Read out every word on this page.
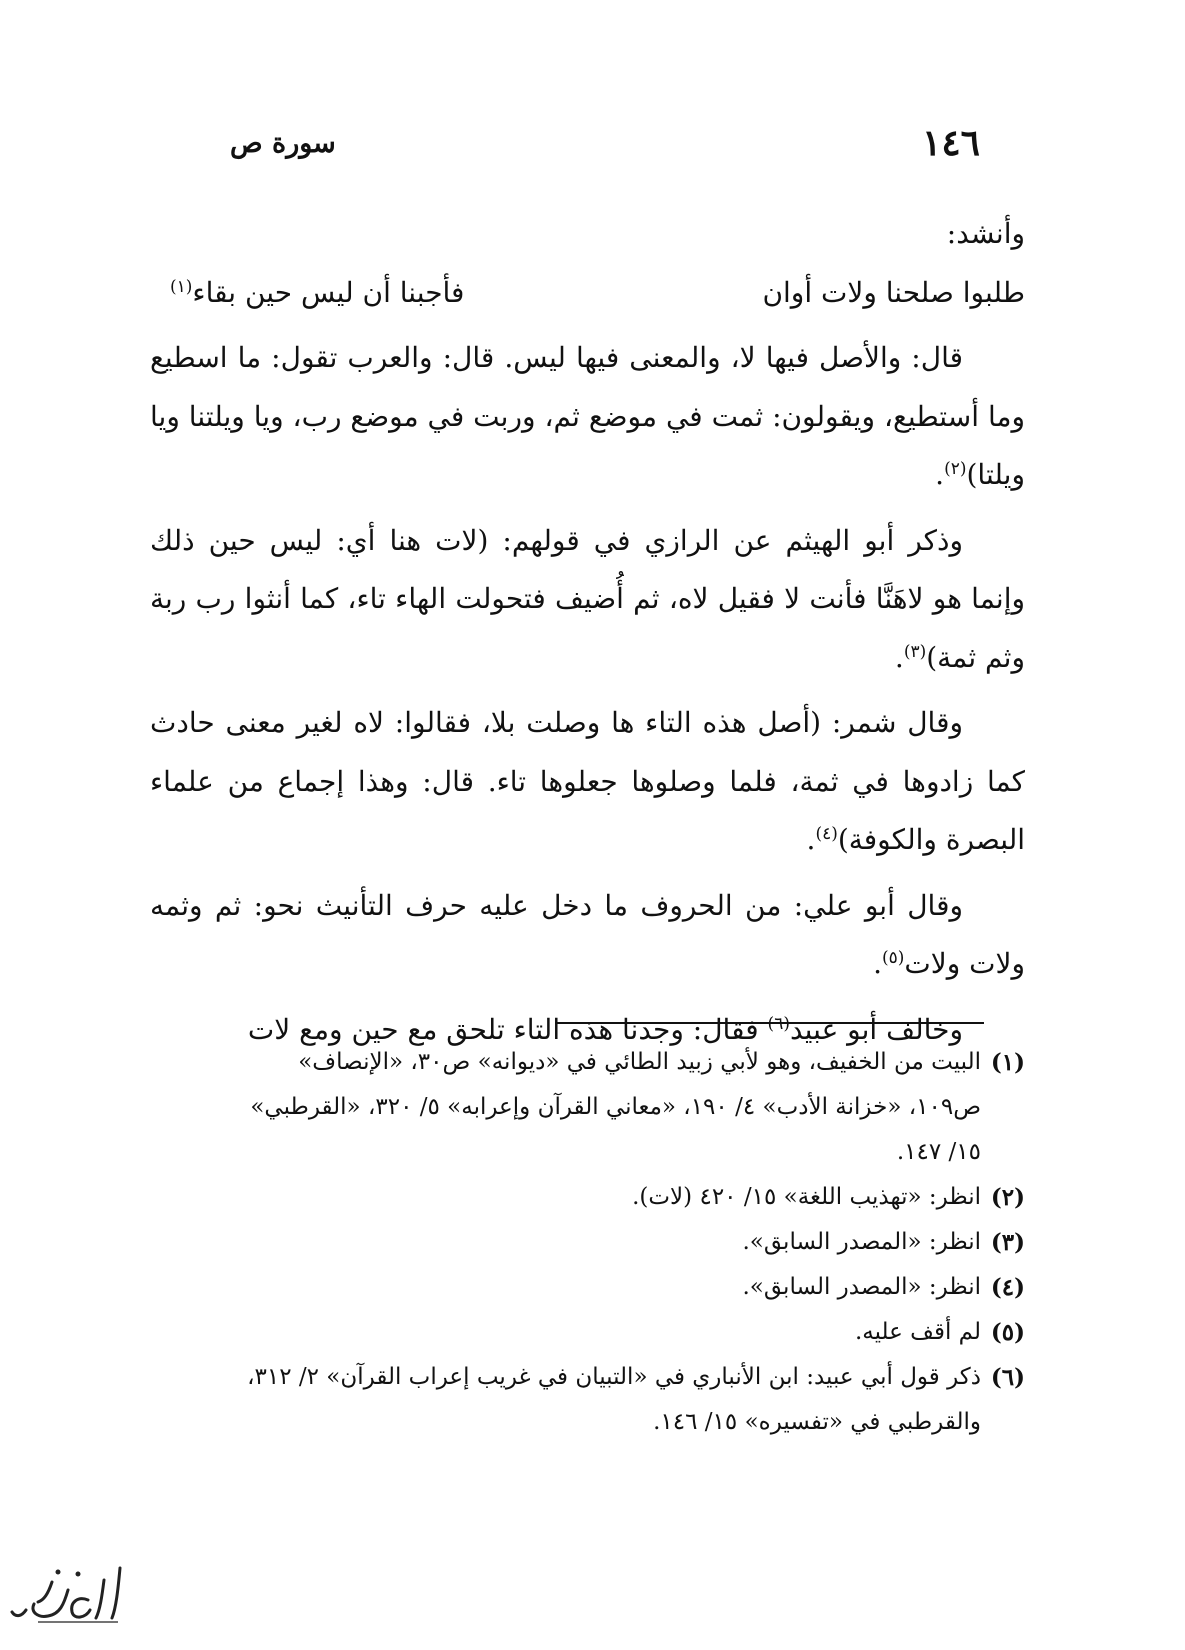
١٤٦
سورة ص

وأنشد:

طلبوا صلحنا ولات أوان
فأجبنا أن ليس حين بقاء$^{(١)}$

قال: والأصل فيها لا، والمعنى فيها ليس. قال: والعرب تقول: ما اسطيع وما أستطيع، ويقولون: ثمت في موضع ثم، وربت في موضع رب، ويا ويلتنا ويا ويلتا)$^{(٢)}$.

وذكر أبو الهيثم عن الرازي في قولهم: (لات هنا أي: ليس حين ذلك وإنما هو لاهَنَّا فأنت لا فقيل لاه، ثم أُضيف فتحولت الهاء تاء، كما أنثوا رب ربة وثم ثمة)$^{(٣)}$.

وقال شمر: (أصل هذه التاء ها وصلت بلا، فقالوا: لاه لغير معنى حادث كما زادوها في ثمة، فلما وصلوها جعلوها تاء. قال: وهذا إجماع من علماء البصرة والكوفة)$^{(٤)}$.

وقال أبو علي: من الحروف ما دخل عليه حرف التأنيث نحو: ثم وثمه ولات ولات$^{(٥)}$.

وخالف أبو عبيد$^{(٦)}$ فقال: وجدنا هذه التاء تلحق مع حين ومع لات

(١)
البيت من الخفيف، وهو لأبي زبيد الطائي في «ديوانه» ص٣٠، «الإنصاف»
ص١٠٩، «خزانة الأدب» ٤/ ١٩٠، «معاني القرآن وإعرابه» ٥/ ٣٢٠، «القرطبي»
١٥/ ١٤٧.
(٢)
انظر: «تهذيب اللغة» ١٥/ ٤٢٠ (لات).
(٣)
انظر: «المصدر السابق».
(٤)
انظر: «المصدر السابق».
(٥)
لم أقف عليه.
(٦)
ذكر قول أبي عبيد: ابن الأنباري في «التبيان في غريب إعراب القرآن» ٢/ ٣١٢،
والقرطبي في «تفسيره» ١٥/ ١٤٦.
